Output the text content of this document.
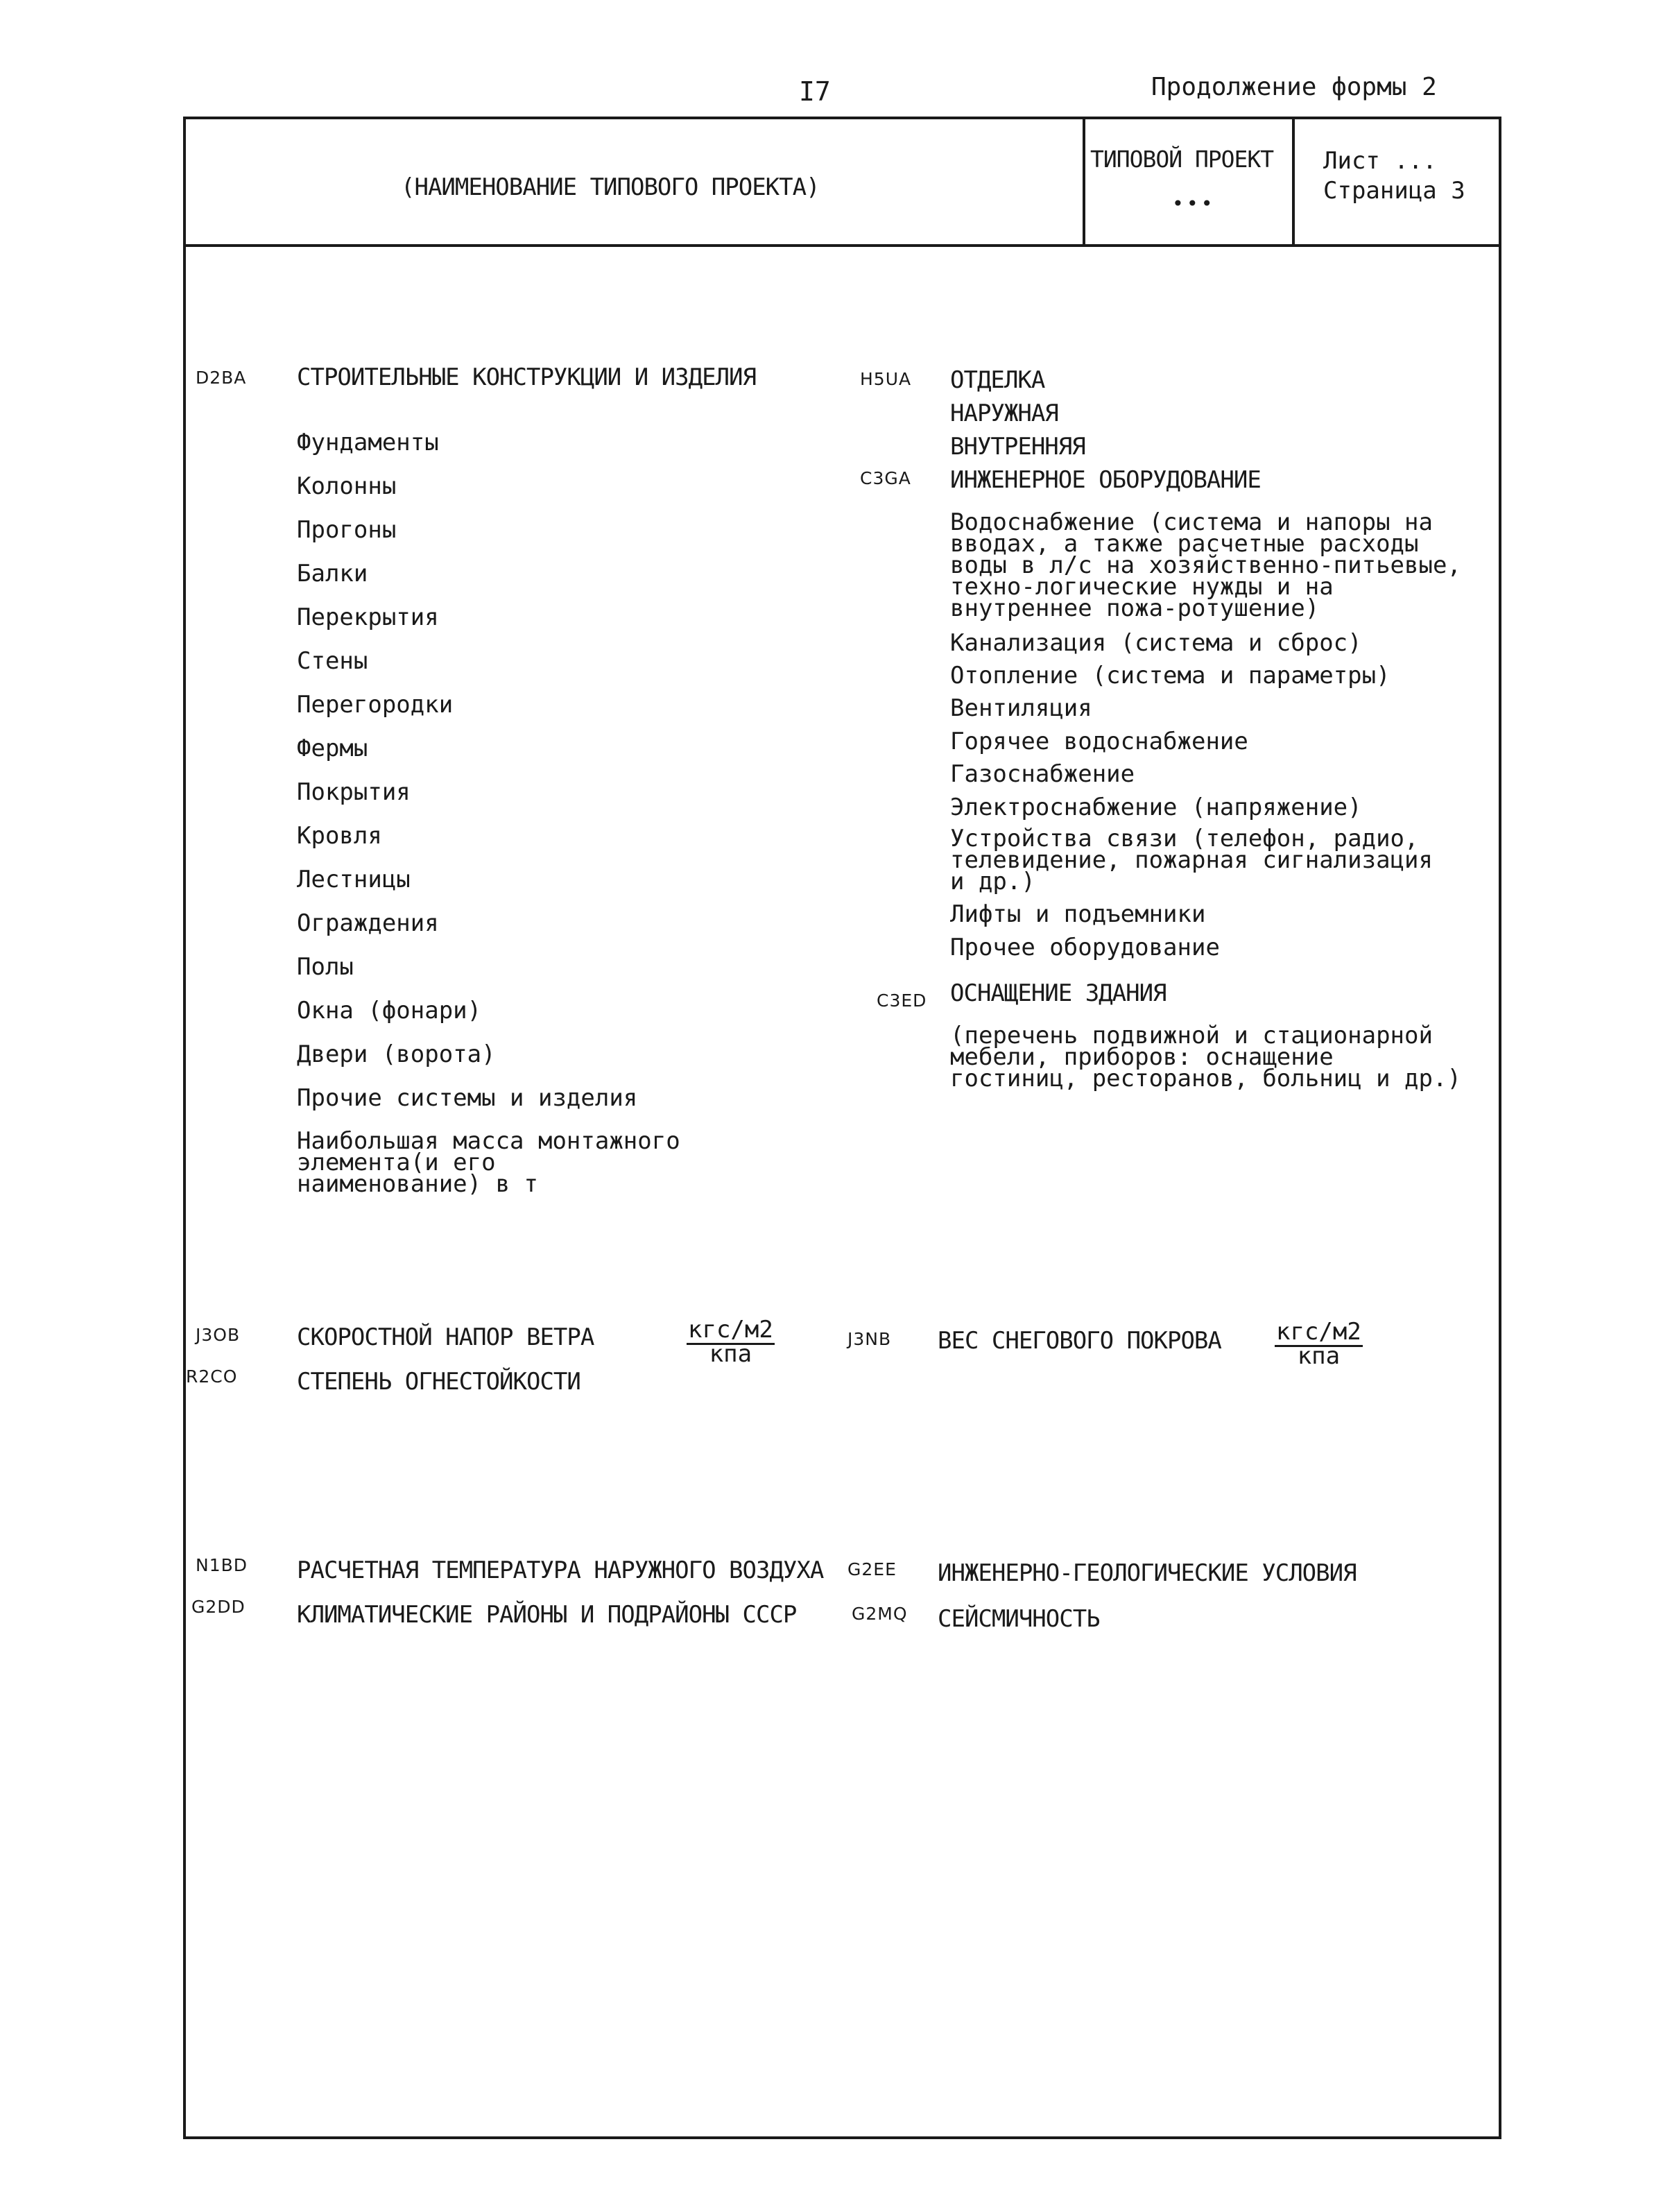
I7	Продолжение формы 2
(НАИМЕНОВАНИЕ ТИПОВОГО ПРОЕКТА)
ТИПОВОЙ ПРОЕКТ
•••
Лист ...
Страница 3
D2BA СТРОИТЕЛЬНЫЕ КОНСТРУКЦИИ И ИЗДЕЛИЯ
Фундаменты
Колонны
Прогоны
Балки
Перекрытия
Стены
Перегородки
Фермы
Покрытия
Кровля
Лестницы
Ограждения
Полы
Окна (фонари)
Двери (ворота)
Прочие системы и изделия
Наибольшая масса монтажного элемента(и его наименование) в т
H5UA ОТДЕЛКА
НАРУЖНАЯ
ВНУТРЕННЯЯ
C3GA ИНЖЕНЕРНОЕ ОБОРУДОВАНИЕ
Водоснабжение (система и напоры на вводах, а также расчетные расходы воды в л/с на хозяйственно-питьевые, техно-логические нужды и на внутреннее пожа-ротушение)
Канализация (система и сброс)
Отопление (система и параметры)
Вентиляция
Горячее водоснабжение
Газоснабжение
Электроснабжение (напряжение)
Устройства связи (телефон, радио, телевидение, пожарная сигнализация и др.)
Лифты и подъемники
Прочее оборудование
C3ED ОСНАЩЕНИЕ ЗДАНИЯ
(перечень подвижной и стационарной мебели, приборов: оснащение гостиниц, ресторанов, больниц и др.)
J3OB СКОРОСТНОЙ НАПОР ВЕТРА	кгс/м2
кпа
R2CO	СТЕПЕНЬ ОГНЕСТОЙКОСТИ
J3NB ВЕС СНЕГОВОГО ПОКРОВА кгс/м2
кпа
N1BD РАСЧЕТНАЯ ТЕМПЕРАТУРА НАРУЖНОГО ВОЗДУХА
G2DD КЛИМАТИЧЕСКИЕ РАЙОНЫ И ПОДРАЙОНЫ СССР
G2EE ИНЖЕНЕРНО-ГЕОЛОГИЧЕСКИЕ УСЛОВИЯ
G2MQ СЕЙСМИЧНОСТЬ
